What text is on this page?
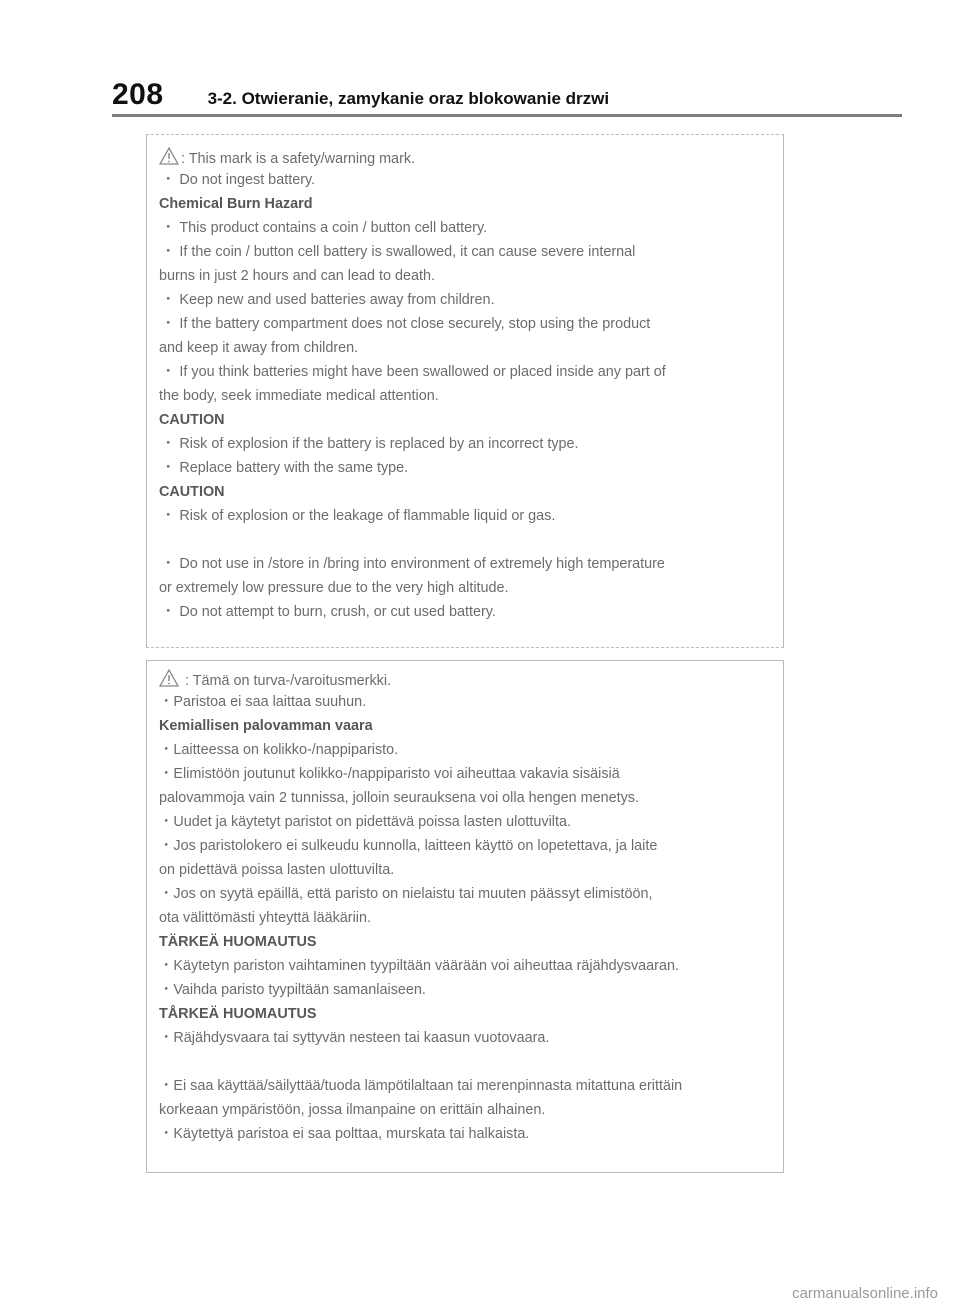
208	3-2. Otwieranie, zamykanie oraz blokowanie drzwi
: This mark is a safety/warning mark.
・ Do not ingest battery.
Chemical Burn Hazard
・ This product contains a coin / button cell battery.
・ If the coin / button cell battery is swallowed, it can cause severe internal
burns in just 2 hours and can lead to death.
・ Keep new and used batteries away from children.
・ If the battery compartment does not close securely, stop using the product
and keep it away from children.
・ If you think batteries might have been swallowed or placed inside any part of
the body, seek immediate medical attention.
CAUTION
・ Risk of explosion if the battery is replaced by an incorrect type.
・ Replace battery with the same type.
CAUTION
・ Risk of explosion or the leakage of flammable liquid or gas.
・ Do not use in /store in /bring into environment of extremely high temperature
or extremely low pressure due to the very high altitude.
・ Do not attempt to burn, crush, or cut used battery.
: Tämä on turva-/varoitusmerkki.
・Paristoa ei saa laittaa suuhun.
Kemiallisen palovamman vaara
・Laitteessa on kolikko-/nappiparisto.
・Elimistöön joutunut kolikko-/nappiparisto voi aiheuttaa vakavia sisäisiä
palovammoja vain 2 tunnissa, jolloin seurauksena voi olla hengen menetys.
・Uudet ja käytetyt paristot on pidettävä poissa lasten ulottuvilta.
・Jos paristolokero ei sulkeudu kunnolla, laitteen käyttö on lopetettava, ja laite
on pidettävä poissa lasten ulottuvilta.
・Jos on syytä epäillä, että paristo on nielaistu tai muuten päässyt elimistöön,
ota välittömästi yhteyttä lääkäriin.
TÄRKEÄ HUOMAUTUS
・Käytetyn pariston vaihtaminen tyypiltään väärään voi aiheuttaa räjähdysvaaran.
・Vaihda paristo tyypiltään samanlaiseen.
TÅRKEÄ HUOMAUTUS
・Räjähdysvaara tai syttyvän nesteen tai kaasun vuotovaara.
・Ei saa käyttää/säilyttää/tuoda lämpötilaltaan tai merenpinnasta mitattuna erittäin
korkeaan ympäristöön, jossa ilmanpaine on erittäin alhainen.
・Käytettyä paristoa ei saa polttaa, murskata tai halkaista.
carmanualsonline.info
